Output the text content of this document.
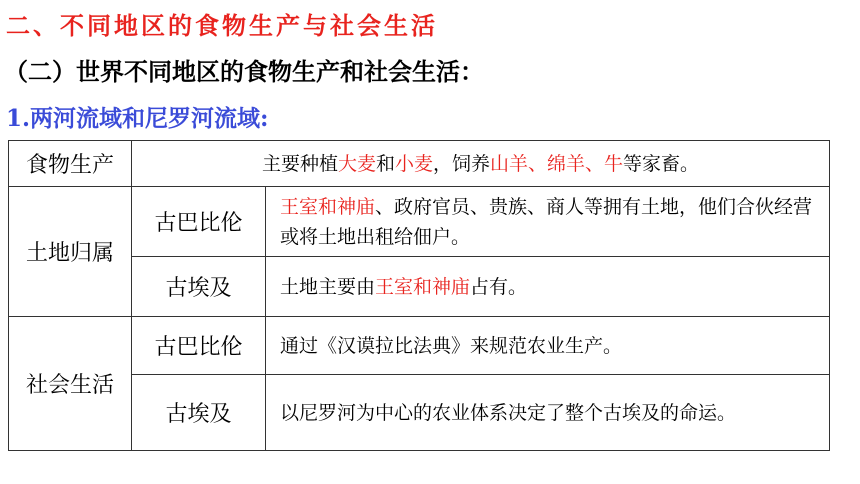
二、不同地区的食物生产与社会生活
（二）世界不同地区的食物生产和社会生活：
1.两河流域和尼罗河流域:
食物生产	主要种植大麦和小麦，饲养山羊、绵羊、牛等家畜。	
土地归属	古巴比伦	王室和神庙、政府官员、贵族、商人等拥有土地，他们合伙经营或将土地出租给佃户。
	古埃及	土地主要由王室和神庙占有。
社会生活	古巴比伦	通过《汉谟拉比法典》来规范农业生产。
	古埃及	以尼罗河为中心的农业体系决定了整个古埃及的命运。
